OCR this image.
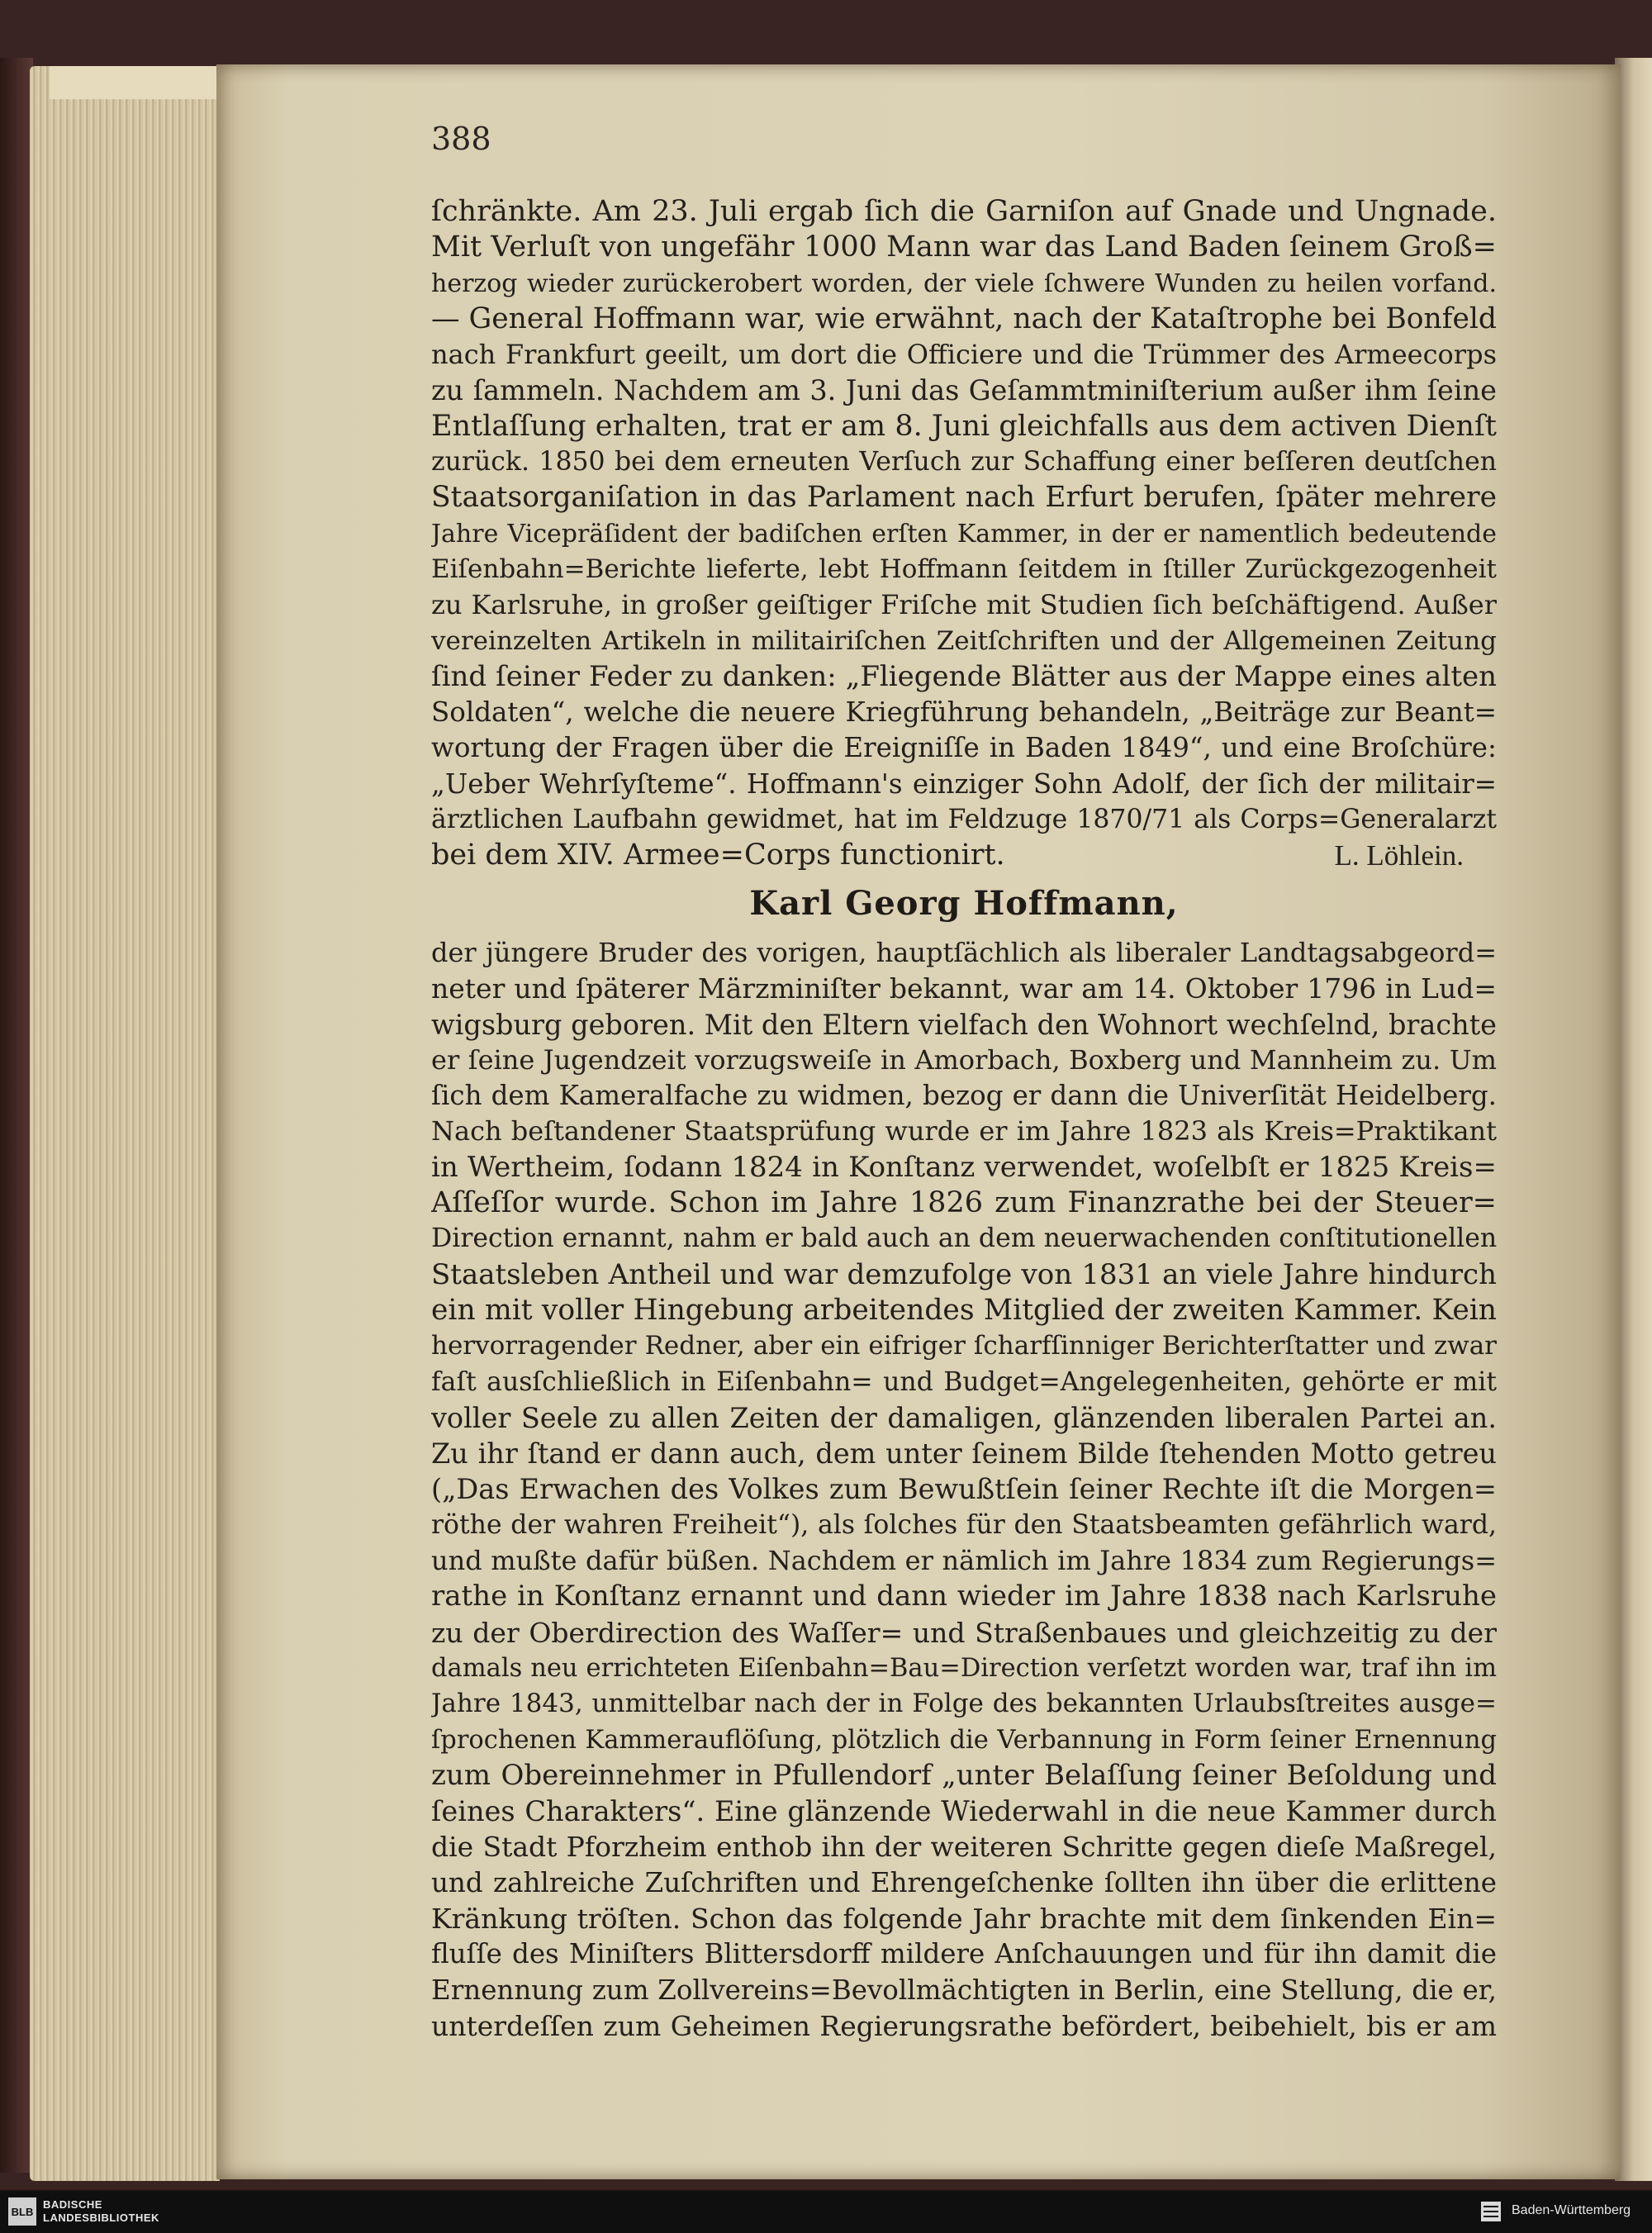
388
ſchränkte. Am 23. Juli ergab ſich die Garniſon auf Gnade und Ungnade.
Mit Verluſt von ungefähr 1000 Mann war das Land Baden ſeinem Groß=
herzog wieder zurückerobert worden, der viele ſchwere Wunden zu heilen vorfand.
— General Hoffmann war, wie erwähnt, nach der Kataſtrophe bei Bonfeld
nach Frankfurt geeilt, um dort die Officiere und die Trümmer des Armeecorps
zu ſammeln. Nachdem am 3. Juni das Geſammtminiſterium außer ihm ſeine
Entlaſſung erhalten, trat er am 8. Juni gleichfalls aus dem activen Dienſt
zurück. 1850 bei dem erneuten Verſuch zur Schaffung einer beſſeren deutſchen
Staatsorganiſation in das Parlament nach Erfurt berufen, ſpäter mehrere
Jahre Vicepräſident der badiſchen erſten Kammer, in der er namentlich bedeutende
Eiſenbahn=Berichte lieferte, lebt Hoffmann ſeitdem in ſtiller Zurückgezogenheit
zu Karlsruhe, in großer geiſtiger Friſche mit Studien ſich beſchäftigend. Außer
vereinzelten Artikeln in militairiſchen Zeitſchriften und der Allgemeinen Zeitung
ſind ſeiner Feder zu danken: „Fliegende Blätter aus der Mappe eines alten
Soldaten“, welche die neuere Kriegführung behandeln, „Beiträge zur Beant=
wortung der Fragen über die Ereigniſſe in Baden 1849“, und eine Broſchüre:
„Ueber Wehrſyſteme“. Hoffmann's einziger Sohn Adolf, der ſich der militair=
ärztlichen Laufbahn gewidmet, hat im Feldzuge 1870/71 als Corps=Generalarzt
bei dem XIV. Armee=Corps functionirt.	L. Löhlein.
Karl Georg Hoffmann,
der jüngere Bruder des vorigen, hauptſächlich als liberaler Landtagsabgeord=
neter und ſpäterer Märzminiſter bekannt, war am 14. Oktober 1796 in Lud=
wigsburg geboren. Mit den Eltern vielfach den Wohnort wechſelnd, brachte
er ſeine Jugendzeit vorzugsweiſe in Amorbach, Boxberg und Mannheim zu. Um
ſich dem Kameralfache zu widmen, bezog er dann die Univerſität Heidelberg.
Nach beſtandener Staatsprüfung wurde er im Jahre 1823 als Kreis=Praktikant
in Wertheim, ſodann 1824 in Konſtanz verwendet, woſelbſt er 1825 Kreis=
Aſſeſſor wurde. Schon im Jahre 1826 zum Finanzrathe bei der Steuer=
Direction ernannt, nahm er bald auch an dem neuerwachenden conſtitutionellen
Staatsleben Antheil und war demzufolge von 1831 an viele Jahre hindurch
ein mit voller Hingebung arbeitendes Mitglied der zweiten Kammer. Kein
hervorragender Redner, aber ein eifriger ſcharfſinniger Berichterſtatter und zwar
faſt ausſchließlich in Eiſenbahn= und Budget=Angelegenheiten, gehörte er mit
voller Seele zu allen Zeiten der damaligen, glänzenden liberalen Partei an.
Zu ihr ſtand er dann auch, dem unter ſeinem Bilde ſtehenden Motto getreu
(„Das Erwachen des Volkes zum Bewußtſein ſeiner Rechte iſt die Morgen=
röthe der wahren Freiheit“), als ſolches für den Staatsbeamten gefährlich ward,
und mußte dafür büßen. Nachdem er nämlich im Jahre 1834 zum Regierungs=
rathe in Konſtanz ernannt und dann wieder im Jahre 1838 nach Karlsruhe
zu der Oberdirection des Waſſer= und Straßenbaues und gleichzeitig zu der
damals neu errichteten Eiſenbahn=Bau=Direction verſetzt worden war, traf ihn im
Jahre 1843, unmittelbar nach der in Folge des bekannten Urlaubsſtreites ausge=
ſprochenen Kammerauflöſung, plötzlich die Verbannung in Form ſeiner Ernennung
zum Obereinnehmer in Pfullendorf „unter Belaſſung ſeiner Beſoldung und
ſeines Charakters“. Eine glänzende Wiederwahl in die neue Kammer durch
die Stadt Pforzheim enthob ihn der weiteren Schritte gegen dieſe Maßregel,
und zahlreiche Zuſchriften und Ehrengeſchenke ſollten ihn über die erlittene
Kränkung tröſten. Schon das folgende Jahr brachte mit dem ſinkenden Ein=
fluſſe des Miniſters Blittersdorff mildere Anſchauungen und für ihn damit die
Ernennung zum Zollvereins=Bevollmächtigten in Berlin, eine Stellung, die er,
unterdeſſen zum Geheimen Regierungsrathe befördert, beibehielt, bis er am
BLB
BADISCHE
LANDESBIBLIOTHEK
Baden-Württemberg
